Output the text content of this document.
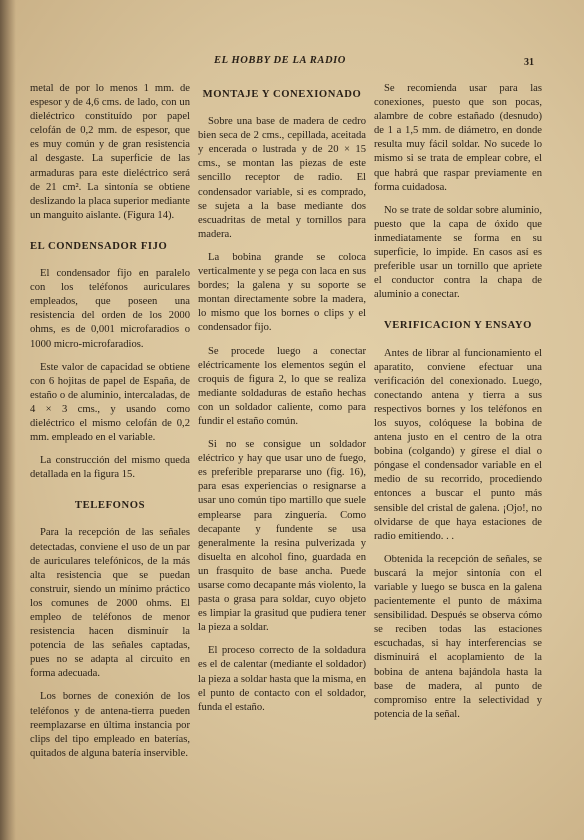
EL HOBBY DE LA RADIO	31

metal de por lo menos 1 mm. de espesor y de 4,6 cms. de lado, con un dieléctrico constituído por papel celofán de 0,2 mm. de espesor, que es muy común y de gran resistencia al desgaste. La superficie de las armaduras para este dieléctrico será de 21 cm². La sintonía se obtiene deslizando la placa superior mediante un manguito aislante. (Figura 14).

EL CONDENSADOR FIJO

El condensador fijo en paralelo con los teléfonos auriculares empleados, que poseen una resistencia del orden de los 2000 ohms, es de 0,001 microfaradios o 1000 micro-microfaradios.

Este valor de capacidad se obtiene con 6 hojitas de papel de España, de estaño o de aluminio, intercaladas, de 4 × 3 cms., y usando como dieléctrico el mismo celofán de 0,2 mm. empleado en el variable.

La construcción del mismo queda detallada en la figura 15.

TELEFONOS

Para la recepción de las señales detectadas, conviene el uso de un par de auriculares telefónicos, de la más alta resistencia que se puedan construir, siendo un mínimo práctico los comunes de 2000 ohms. El empleo de teléfonos de menor resistencia hacen disminuír la potencia de las señales captadas, pues no se adapta al circuito en forma adecuada.

Los bornes de conexión de los teléfonos y de antena-tierra pueden reemplazarse en última instancia por clips del tipo empleado en baterías, quitados de alguna batería inservible.

MONTAJE Y CONEXIONADO

Sobre una base de madera de cedro bien seca de 2 cms., cepillada, aceitada y encerada o lustrada y de 20 × 15 cms., se montan las piezas de este sencillo receptor de radio. El condensador variable, si es comprado, se sujeta a la base mediante dos escuadritas de metal y tornillos para madera.

La bobina grande se coloca verticalmente y se pega con laca en sus bordes; la galena y su soporte se montan directamente sobre la madera, lo mismo que los bornes o clips y el condensador fijo.

Se procede luego a conectar eléctricamente los elementos según el croquis de figura 2, lo que se realiza mediante soldaduras de estaño hechas con un soldador caliente, como para fundir el estaño común.

Si no se consigue un soldador eléctrico y hay que usar uno de fuego, es preferible prepararse uno (fig. 16), para esas experiencias o resignarse a usar uno común tipo martillo que suele emplearse para zinguería. Como decapante y fundente se usa generalmente la resina pulverizada y disuelta en alcohol fino, guardada en un frasquito de base ancha. Puede usarse como decapante más violento, la pasta o grasa para soldar, cuyo objeto es limpiar la grasitud que pudiera tener la pieza a soldar.

El proceso correcto de la soldadura es el de calentar (mediante el soldador) la pieza a soldar hasta que la misma, en el punto de contacto con el soldador, funda el estaño.

Se recomienda usar para las conexiones, puesto que son pocas, alambre de cobre estañado (desnudo) de 1 a 1,5 mm. de diámetro, en donde resulta muy fácil soldar. No sucede lo mismo si se trata de emplear cobre, el que habrá que raspar previamente en forma cuidadosa.

No se trate de soldar sobre aluminio, puesto que la capa de óxido que inmediatamente se forma en su superficie, lo impide. En casos así es preferible usar un tornillo que apriete el conductor contra la chapa de aluminio a conectar.

VERIFICACION Y ENSAYO

Antes de librar al funcionamiento el aparatito, conviene efectuar una verificación del conexionado. Luego, conectando antena y tierra a sus respectivos bornes y los teléfonos en los suyos, colóquese la bobina de antena justo en el centro de la otra bobina (colgando) y gírese el dial o póngase el condensador variable en el medio de su recorrido, procediendo entonces a buscar el punto más sensible del cristal de galena. ¡Ojo!, no olvidarse de que haya estaciones de radio emitiendo. . .

Obtenida la recepción de señales, se buscará la mejor sintonía con el variable y luego se busca en la galena pacientemente el punto de máxima sensibilidad. Después se observa cómo se reciben todas las estaciones escuchadas, si hay interferencias se disminuirá el acoplamiento de la bobina de antena bajándola hasta la base de madera, al punto de compromiso entre la selectividad y potencia de la señal.
